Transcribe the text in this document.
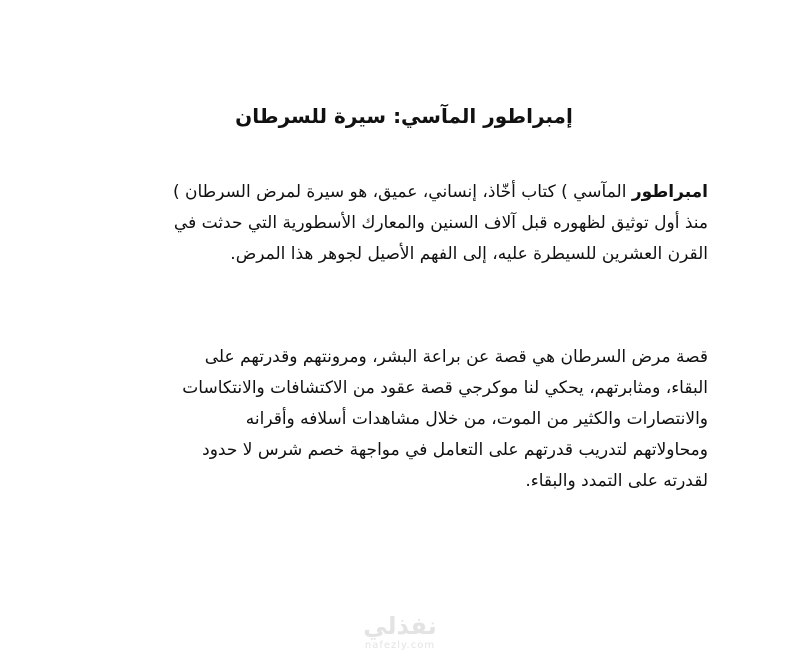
إمبراطور المآسي: سيرة للسرطان

امبراطور المآسي ) كتاب أخّاذ، إنساني، عميق، هو سيرة لمرض السرطان )
منذ أول توثيق لظهوره قبل آلاف السنين والمعارك الأسطورية التي حدثت في
القرن العشرين للسيطرة عليه، إلى الفهم الأصيل لجوهر هذا المرض.

قصة مرض السرطان هي قصة عن براعة البشر، ومرونتهم وقدرتهم على
البقاء، ومثابرتهم، يحكي لنا موكرجي قصة عقود من الاكتشافات والانتكاسات
والانتصارات والكثير من الموت، من خلال مشاهدات أسلافه وأقرانه
ومحاولاتهم لتدريب قدرتهم على التعامل في مواجهة خصم شرس لا حدود
لقدرته على التمدد والبقاء.

نفذلي
nafezly.com
